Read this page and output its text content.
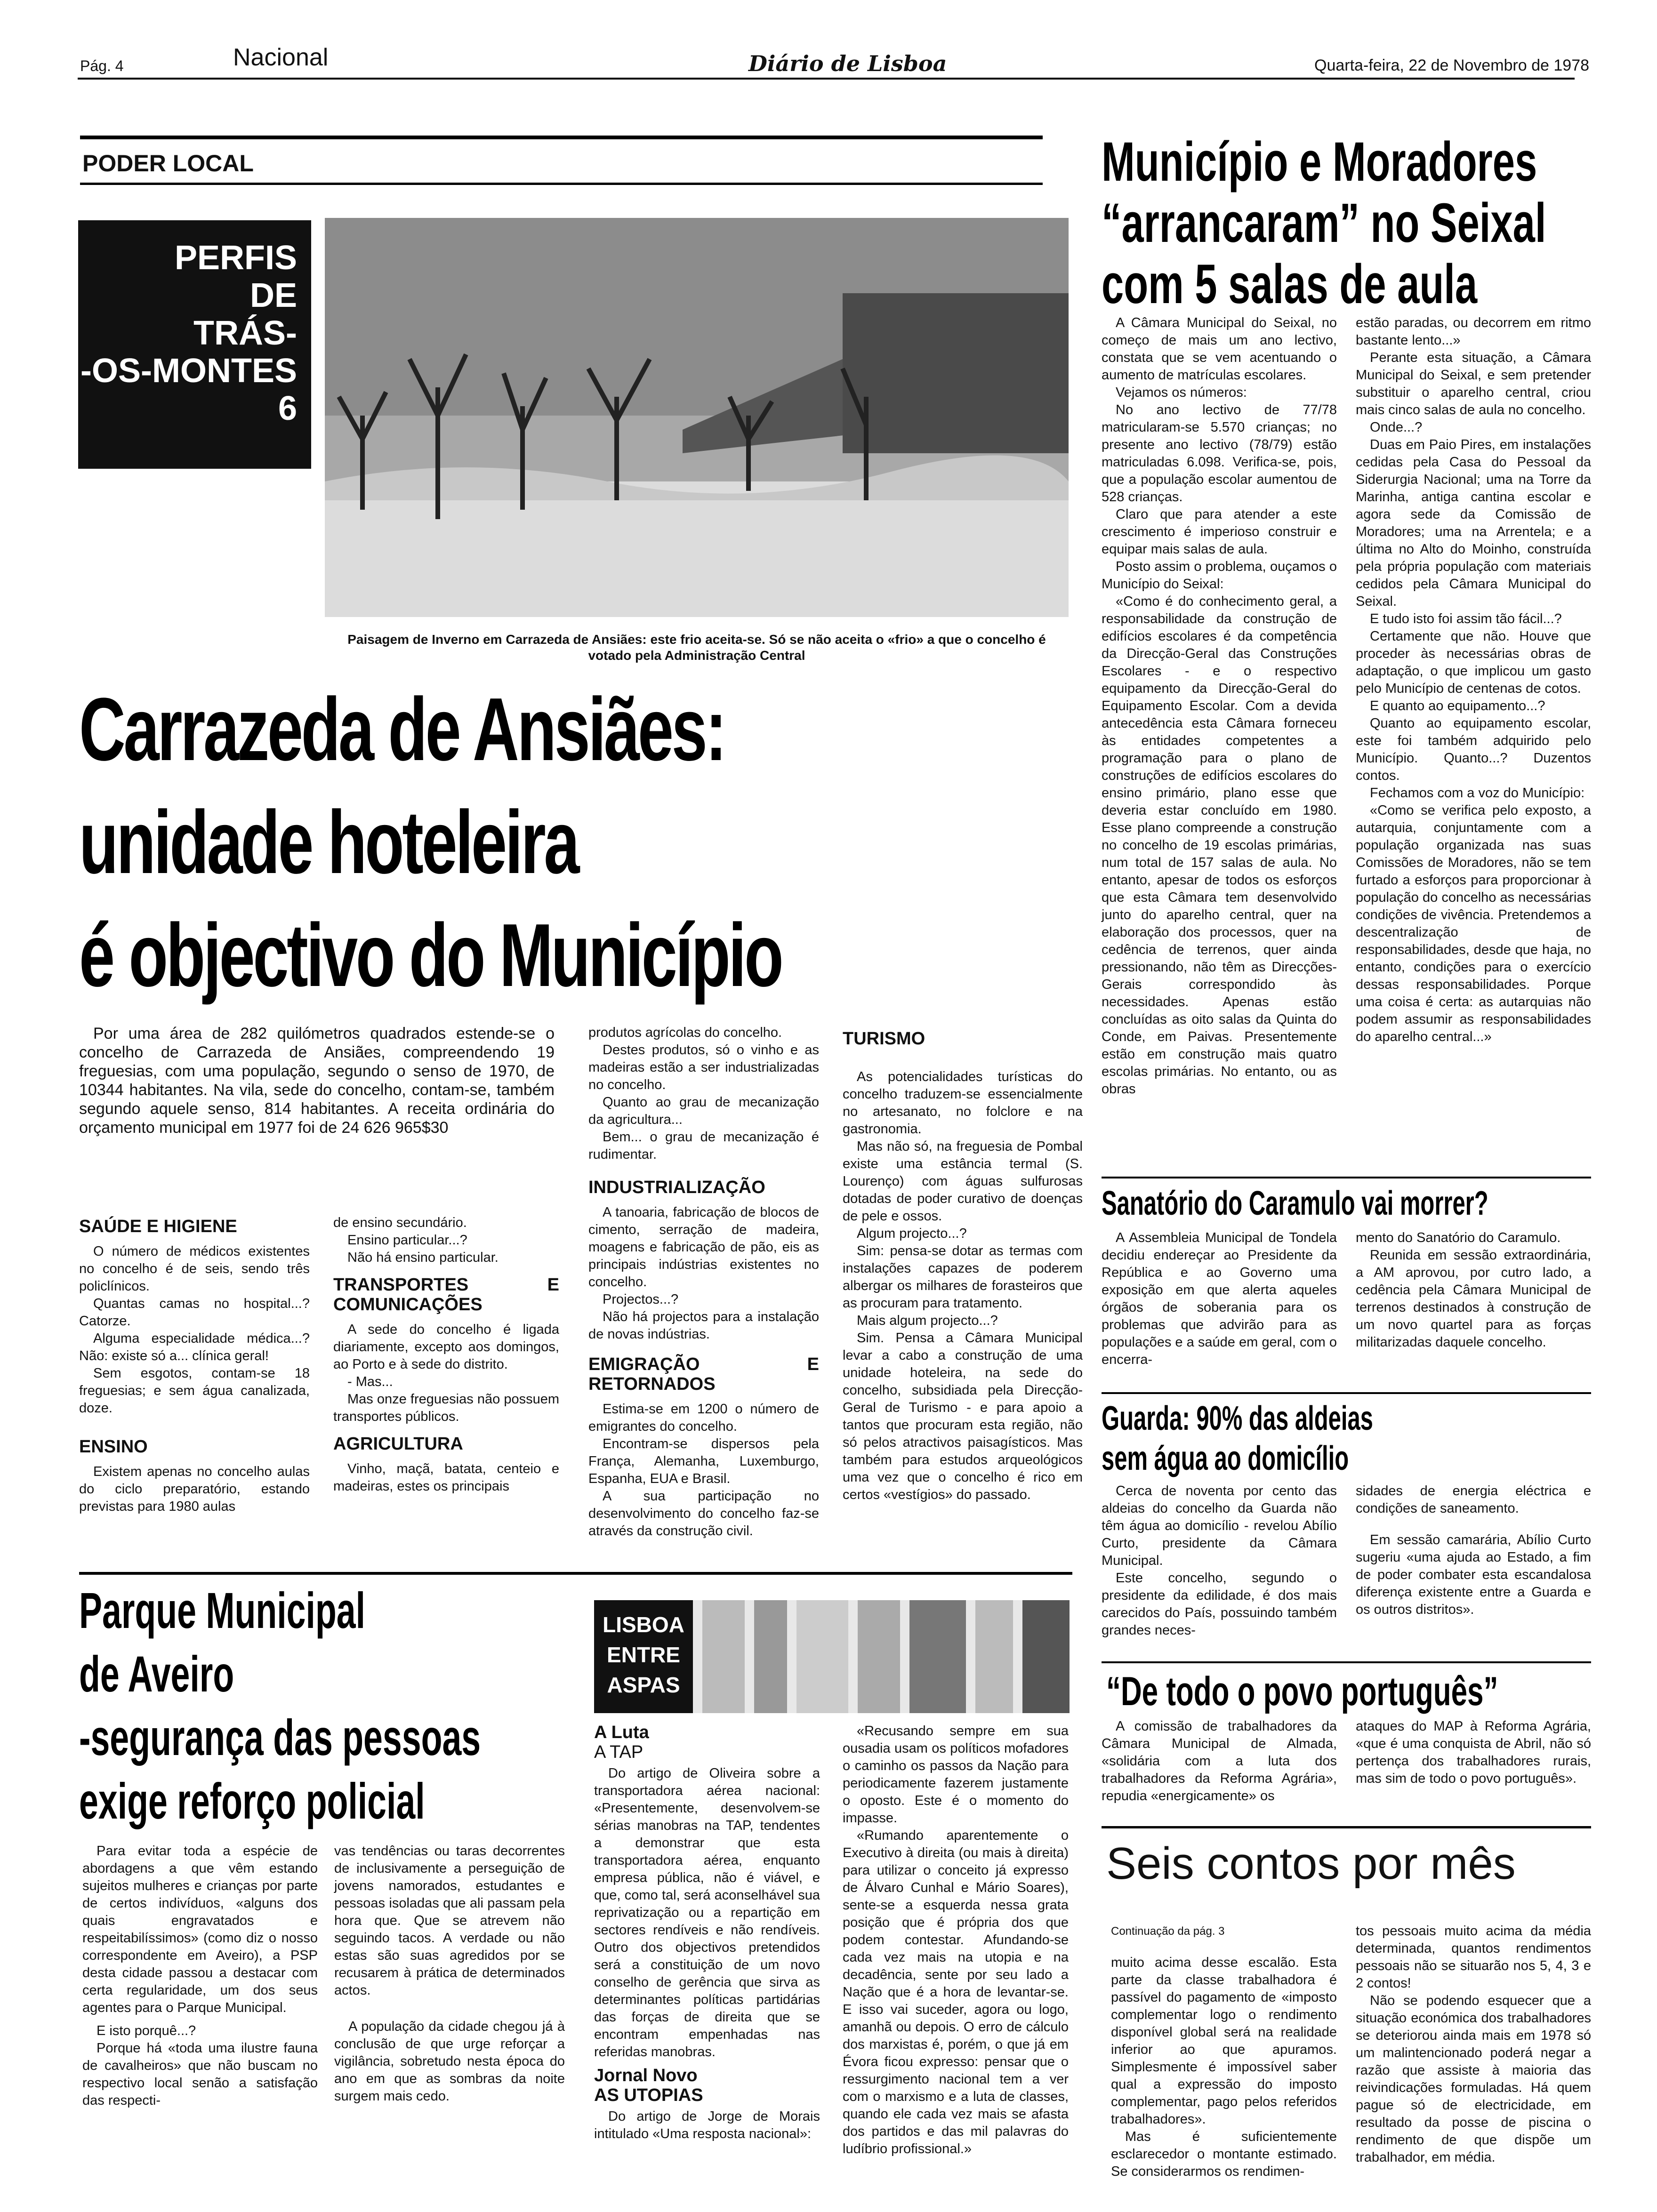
Pág. 4	Nacional	Diário de Lisboa	Quarta-feira, 22 de Novembro de 1978
PODER LOCAL
PERFIS
DE
TRÁS-
-OS-MONTES
6
Paisagem de Inverno em Carrazeda de Ansiães: este frio aceita-se. Só se não aceita o «frio» a que o concelho é votado pela Administração Central
Carrazeda de Ansiães:
unidade hoteleira
é objectivo do Município

Por uma área de 282 quilómetros quadrados estende-se o concelho de Carrazeda de Ansiães, compreendendo 19 freguesias, com uma população, segundo o senso de 1970, de 10344 habitantes. Na vila, sede do concelho, contam-se, também segundo aquele senso, 814 habitantes. A receita ordinária do orçamento municipal em 1977 foi de 24 626 965$30

SAÚDE E HIGIENE

O número de médicos existentes no concelho é de seis, sendo três policlínicos.

Quantas camas no hospital...? Catorze.

Alguma especialidade médica...? Não: existe só a... clínica geral!

Sem esgotos, contam-se 18 freguesias; e sem água canalizada, doze.

ENSINO

Existem apenas no concelho aulas do ciclo preparatório, estando previstas para 1980 aulas

de ensino secundário.

Ensino particular...?

Não há ensino particular.

TRANSPORTES E COMUNICAÇÕES

A sede do concelho é ligada diariamente, excepto aos domingos, ao Porto e à sede do distrito.

- Mas...

Mas onze freguesias não possuem transportes públicos.

AGRICULTURA

Vinho, maçã, batata, centeio e madeiras, estes os principais

produtos agrícolas do concelho.

Destes produtos, só o vinho e as madeiras estão a ser industrializadas no concelho.

Quanto ao grau de mecanização da agricultura...

Bem... o grau de mecanização é rudimentar.

INDUSTRIALIZAÇÃO

A tanoaria, fabricação de blocos de cimento, serração de madeira, moagens e fabricação de pão, eis as principais indústrias existentes no concelho.

Projectos...?

Não há projectos para a instalação de novas indústrias.

EMIGRAÇÃO E RETORNADOS

Estima-se em 1200 o número de emigrantes do concelho.

Encontram-se dispersos pela França, Alemanha, Luxemburgo, Espanha, EUA e Brasil.

A sua participação no desenvolvimento do concelho faz-se através da construção civil.

TURISMO

As potencialidades turísticas do concelho traduzem-se essencialmente no artesanato, no folclore e na gastronomia.

Mas não só, na freguesia de Pombal existe uma estância termal (S. Lourenço) com águas sulfurosas dotadas de poder curativo de doenças de pele e ossos.

Algum projecto...?

Sim: pensa-se dotar as termas com instalações capazes de poderem albergar os milhares de forasteiros que as procuram para tratamento.

Mais algum projecto...?

Sim. Pensa a Câmara Municipal levar a cabo a construção de uma unidade hoteleira, na sede do concelho, subsidiada pela Direcção-Geral de Turismo - e para apoio a tantos que procuram esta região, não só pelos atractivos paisagísticos. Mas também para estudos arqueológicos uma vez que o concelho é rico em certos «vestígios» do passado.

Município e Moradores
“arrancaram” no Seixal
com 5 salas de aula

A Câmara Municipal do Seixal, no começo de mais um ano lectivo, constata que se vem acentuando o aumento de matrículas escolares.

Vejamos os números:

No ano lectivo de 77/78 matricularam-se 5.570 crianças; no presente ano lectivo (78/79) estão matriculadas 6.098. Verifica-se, pois, que a população escolar aumentou de 528 crianças.

Claro que para atender a este crescimento é imperioso construir e equipar mais salas de aula.

Posto assim o problema, ouçamos o Município do Seixal:

«Como é do conhecimento geral, a responsabilidade da construção de edifícios escolares é da competência da Direcção-Geral das Construções Escolares - e o respectivo equipamento da Direcção-Geral do Equipamento Escolar. Com a devida antecedência esta Câmara forneceu às entidades competentes a programação para o plano de construções de edifícios escolares do ensino primário, plano esse que deveria estar concluído em 1980. Esse plano compreende a construção no concelho de 19 escolas primárias, num total de 157 salas de aula. No entanto, apesar de todos os esforços que esta Câmara tem desenvolvido junto do aparelho central, quer na elaboração dos processos, quer na cedência de terrenos, quer ainda pressionando, não têm as Direcções-Gerais correspondido às necessidades. Apenas estão concluídas as oito salas da Quinta do Conde, em Paivas. Presentemente estão em construção mais quatro escolas primárias. No entanto, ou as obras

estão paradas, ou decorrem em ritmo bastante lento...»

Perante esta situação, a Câmara Municipal do Seixal, e sem pretender substituir o aparelho central, criou mais cinco salas de aula no concelho.

Onde...?

Duas em Paio Pires, em instalações cedidas pela Casa do Pessoal da Siderurgia Nacional; uma na Torre da Marinha, antiga cantina escolar e agora sede da Comissão de Moradores; uma na Arrentela; e a última no Alto do Moinho, construída pela própria população com materiais cedidos pela Câmara Municipal do Seixal.

E tudo isto foi assim tão fácil...?

Certamente que não. Houve que proceder às necessárias obras de adaptação, o que implicou um gasto pelo Município de centenas de cotos.

E quanto ao equipamento...?

Quanto ao equipamento escolar, este foi também adquirido pelo Município. Quanto...? Duzentos contos.

Fechamos com a voz do Município:

«Como se verifica pelo exposto, a autarquia, conjuntamente com a população organizada nas suas Comissões de Moradores, não se tem furtado a esforços para proporcionar à população do concelho as necessárias condições de vivência. Pretendemos a descentralização de responsabilidades, desde que haja, no entanto, condições para o exercício dessas responsabilidades. Porque uma coisa é certa: as autarquias não podem assumir as responsabilidades do aparelho central...»

Sanatório do Caramulo vai morrer?

A Assembleia Municipal de Tondela decidiu endereçar ao Presidente da República e ao Governo uma exposição em que alerta aqueles órgãos de soberania para os problemas que advirão para as populações e a saúde em geral, com o encerra-

mento do Sanatório do Caramulo.

Reunida em sessão extraordinária, a AM aprovou, por cutro lado, a cedência pela Câmara Municipal de terrenos destinados à construção de um novo quartel para as forças militarizadas daquele concelho.

Guarda: 90% das aldeias
sem água ao domicílio

Cerca de noventa por cento das aldeias do concelho da Guarda não têm água ao domicílio - revelou Abílio Curto, presidente da Câmara Municipal.

Este concelho, segundo o presidente da edilidade, é dos mais carecidos do País, possuindo também grandes neces-

sidades de energia eléctrica e condições de saneamento.

Em sessão camarária, Abílio Curto sugeriu «uma ajuda ao Estado, a fim de poder combater esta escandalosa diferença existente entre a Guarda e os outros distritos».

“De todo o povo português”

A comissão de trabalhadores da Câmara Municipal de Almada, «solidária com a luta dos trabalhadores da Reforma Agrária», repudia «energicamente» os

ataques do MAP à Reforma Agrária, «que é uma conquista de Abril, não só pertença dos trabalhadores rurais, mas sim de todo o povo português».

Seis contos por mês

Continuação da pág. 3

muito acima desse escalão. Esta parte da classe trabalhadora é passível do pagamento de «imposto complementar logo o rendimento disponível global será na realidade inferior ao que apuramos. Simplesmente é impossível saber qual a expressão do imposto complementar, pago pelos referidos trabalhadores».

Mas é suficientemente esclarecedor o montante estimado. Se considerarmos os rendimen-

tos pessoais muito acima da média determinada, quantos rendimentos pessoais não se situarão nos 5, 4, 3 e 2 contos!

Não se podendo esquecer que a situação económica dos trabalhadores se deteriorou ainda mais em 1978 só um malintencionado poderá negar a razão que assiste à maioria das reivindicações formuladas. Há quem pague só de electricidade, em resultado da posse de piscina o rendimento de que dispõe um trabalhador, em média.

Parque Municipal
de Aveiro
-segurança das pessoas
exige reforço policial

Para evitar toda a espécie de abordagens a que vêm estando sujeitos mulheres e crianças por parte de certos indivíduos, «alguns dos quais engravatados e respeitabilíssimos» (como diz o nosso correspondente em Aveiro), a PSP desta cidade passou a destacar com certa regularidade, um dos seus agentes para o Parque Municipal.

E isto porquê...?

Porque há «toda uma ilustre fauna de cavalheiros» que não buscam no respectivo local senão a satisfação das respecti-

vas tendências ou taras decorrentes de inclusivamente a perseguição de jovens namorados, estudantes e pessoas isoladas que ali passam pela hora que. Que se atrevem não seguindo tacos. A verdade ou não estas são suas agredidos por se recusarem à prática de determinados actos.

A população da cidade chegou já à conclusão de que urge reforçar a vigilância, sobretudo nesta época do ano em que as sombras da noite surgem mais cedo.

LISBOA
ENTRE
ASPAS
A Luta
A TAP

Do artigo de Oliveira sobre a transportadora aérea nacional: «Presentemente, desenvolvem-se sérias manobras na TAP, tendentes a demonstrar que esta transportadora aérea, enquanto empresa pública, não é viável, e que, como tal, será aconselhável sua reprivatização ou a repartição em sectores rendíveis e não rendíveis. Outro dos objectivos pretendidos será a constituição de um novo conselho de gerência que sirva as determinantes políticas partidárias das forças de direita que se encontram empenhadas nas referidas manobras.

Jornal Novo
AS UTOPIAS

Do artigo de Jorge de Morais intitulado «Uma resposta nacional»:

«Recusando sempre em sua ousadia usam os políticos mofadores o caminho os passos da Nação para periodicamente fazerem justamente o oposto. Este é o momento do impasse.

«Rumando aparentemente o Executivo à direita (ou mais à direita) para utilizar o conceito já expresso de Álvaro Cunhal e Mário Soares), sente-se a esquerda nessa grata posição que é própria dos que podem contestar. Afundando-se cada vez mais na utopia e na decadência, sente por seu lado a Nação que é a hora de levantar-se. E isso vai suceder, agora ou logo, amanhã ou depois. O erro de cálculo dos marxistas é, porém, o que já em Évora ficou expresso: pensar que o ressurgimento nacional tem a ver com o marxismo e a luta de classes, quando ele cada vez mais se afasta dos partidos e das mil palavras do ludíbrio profissional.»
